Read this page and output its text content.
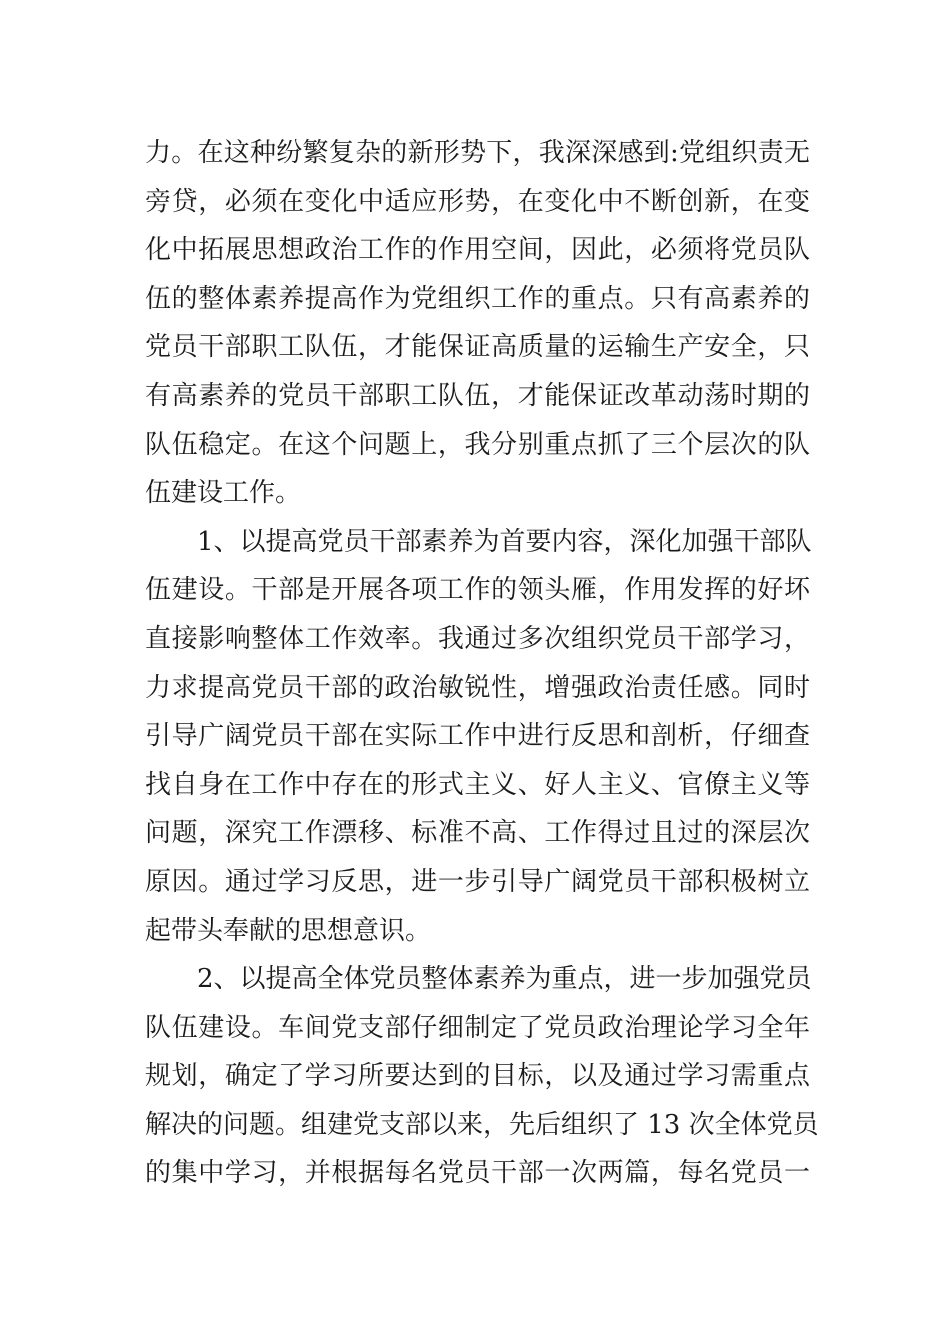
力。在这种纷繁复杂的新形势下，我深深感到:党组织责无
旁贷，必须在变化中适应形势，在变化中不断创新，在变
化中拓展思想政治工作的作用空间，因此，必须将党员队
伍的整体素养提高作为党组织工作的重点。只有高素养的
党员干部职工队伍，才能保证高质量的运输生产安全，只
有高素养的党员干部职工队伍，才能保证改革动荡时期的
队伍稳定。在这个问题上，我分别重点抓了三个层次的队
伍建设工作。
1、以提高党员干部素养为首要内容，深化加强干部队
伍建设。干部是开展各项工作的领头雁，作用发挥的好坏
直接影响整体工作效率。我通过多次组织党员干部学习，
力求提高党员干部的政治敏锐性，增强政治责任感。同时
引导广阔党员干部在实际工作中进行反思和剖析，仔细查
找自身在工作中存在的形式主义、好人主义、官僚主义等
问题，深究工作漂移、标准不高、工作得过且过的深层次
原因。通过学习反思，进一步引导广阔党员干部积极树立
起带头奉献的思想意识。
2、以提高全体党员整体素养为重点，进一步加强党员
队伍建设。车间党支部仔细制定了党员政治理论学习全年
规划，确定了学习所要达到的目标，以及通过学习需重点
解决的问题。组建党支部以来，先后组织了 13 次全体党员
的集中学习，并根据每名党员干部一次两篇，每名党员一
